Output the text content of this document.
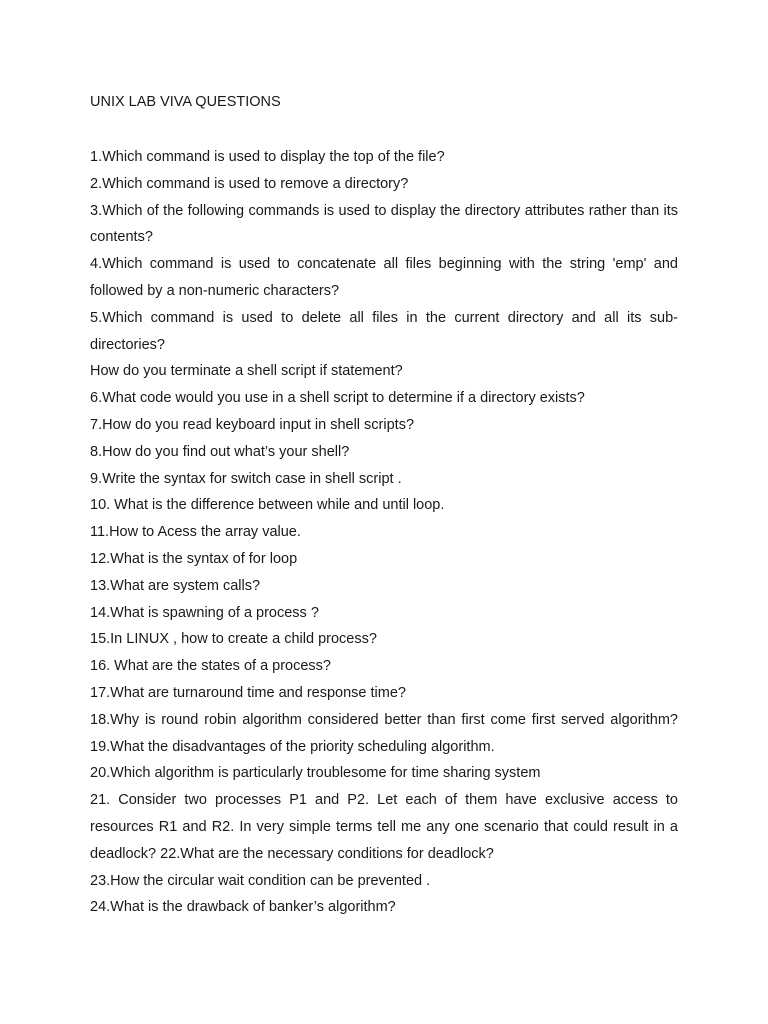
UNIX LAB VIVA QUESTIONS
1.Which command is used to display the top of the file?
2.Which command is used to remove a directory?
3.Which of the following commands is used to display the directory attributes rather than its contents?
4.Which command is used to concatenate all files beginning with the string 'emp' and followed by a non-numeric characters?
5.Which command is used to delete all files in the current directory and all its sub-directories?
How do you terminate a shell script if statement?
6.What code would you use in a shell script to determine if a directory exists?
7.How do you read keyboard input in shell scripts?
8.How do you find out what’s your shell?
9.Write the syntax for switch case in shell script .
10. What is the difference between while and until loop.
11.How to Acess the array value.
12.What is the syntax of for loop
13.What are system calls?
14.What is spawning of a process ?
15.In LINUX , how to create a child process?
16. What are the states of a process?
17.What are turnaround time and response time?
18.Why is round robin algorithm considered better than first come first served algorithm? 19.What the disadvantages of the priority scheduling algorithm.
20.Which algorithm is particularly troublesome for time sharing system
21. Consider two processes P1 and P2. Let each of them have exclusive access to resources R1 and R2. In very simple terms tell me any one scenario that could result in a deadlock? 22.What are the necessary conditions for deadlock?
23.How the circular wait condition can be prevented .
24.What is the drawback of banker’s algorithm?
